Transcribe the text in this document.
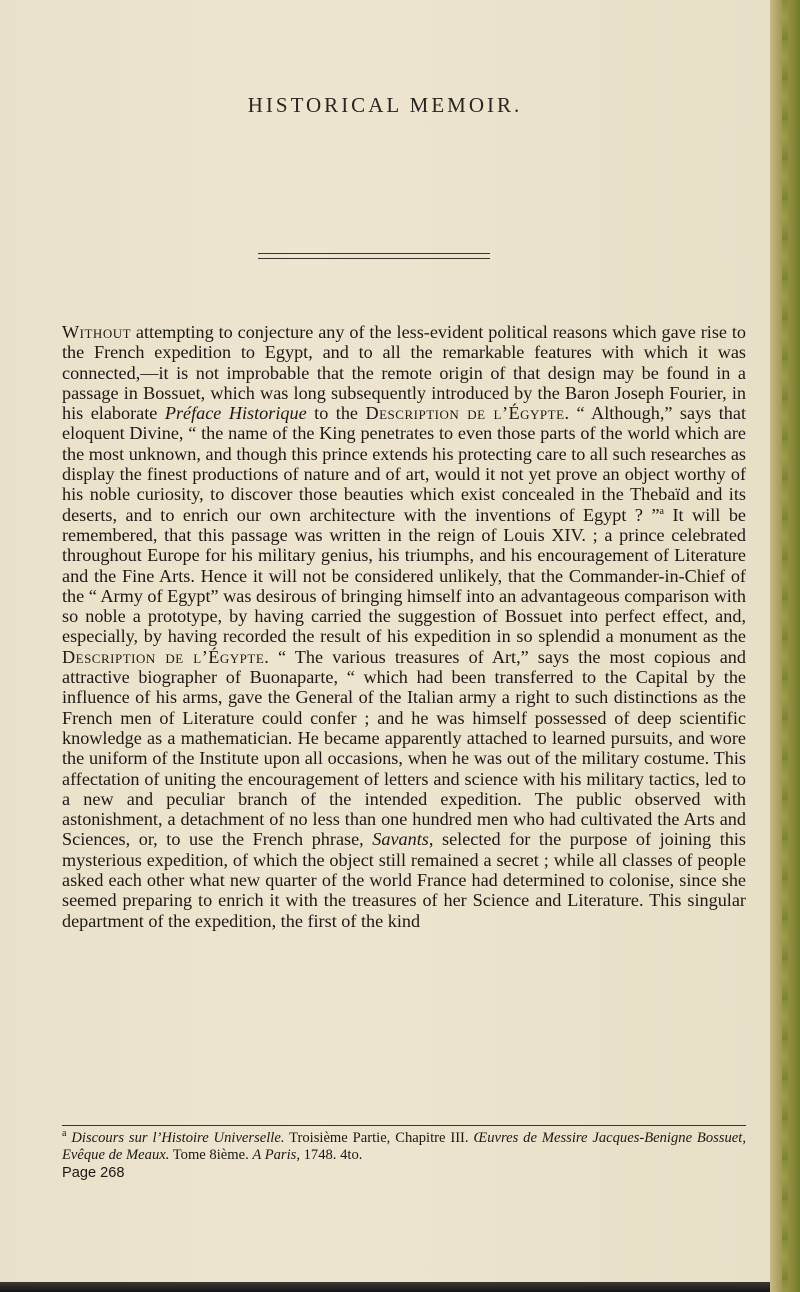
HISTORICAL MEMOIR.

Without attempting to conjecture any of the less-evident political reasons which gave rise to the French expedition to Egypt, and to all the remarkable features with which it was connected,—it is not improbable that the remote origin of that design may be found in a passage in Bossuet, which was long subsequently introduced by the Baron Joseph Fourier, in his elaborate Préface Historique to the Description de l’Égypte. “ Although,” says that eloquent Divine, “ the name of the King penetrates to even those parts of the world which are the most unknown, and though this prince extends his protecting care to all such researches as display the finest productions of nature and of art, would it not yet prove an object worthy of his noble curiosity, to discover those beauties which exist concealed in the Thebaïd and its deserts, and to enrich our own architecture with the inventions of Egypt ? ”$^a$ It will be remembered, that this passage was written in the reign of Louis XIV. ; a prince celebrated throughout Europe for his military genius, his triumphs, and his encouragement of Literature and the Fine Arts. Hence it will not be considered unlikely, that the Commander-in-Chief of the “ Army of Egypt” was desirous of bringing himself into an advantageous comparison with so noble a prototype, by having carried the suggestion of Bossuet into perfect effect, and, especially, by having recorded the result of his expedition in so splendid a monument as the Description de l’Égypte. “ The various treasures of Art,” says the most copious and attractive biographer of Buonaparte, “ which had been transferred to the Capital by the influence of his arms, gave the General of the Italian army a right to such distinctions as the French men of Literature could confer ; and he was himself possessed of deep scientific knowledge as a mathematician. He became apparently attached to learned pursuits, and wore the uniform of the Institute upon all occasions, when he was out of the military costume. This affectation of uniting the encouragement of letters and science with his military tactics, led to a new and peculiar branch of the intended expedition. The public observed with astonishment, a detachment of no less than one hundred men who had cultivated the Arts and Sciences, or, to use the French phrase, Savants, selected for the purpose of joining this mysterious expedition, of which the object still remained a secret ; while all classes of people asked each other what new quarter of the world France had determined to colonise, since she seemed preparing to enrich it with the treasures of her Science and Literature. This singular department of the expedition, the first of the kind

$^a$ Discours sur l’Histoire Universelle. Troisième Partie, Chapitre III. Œuvres de Messire Jacques-Benigne Bossuet, Evêque de Meaux. Tome 8ième. A Paris, 1748. 4to.

Page 268
